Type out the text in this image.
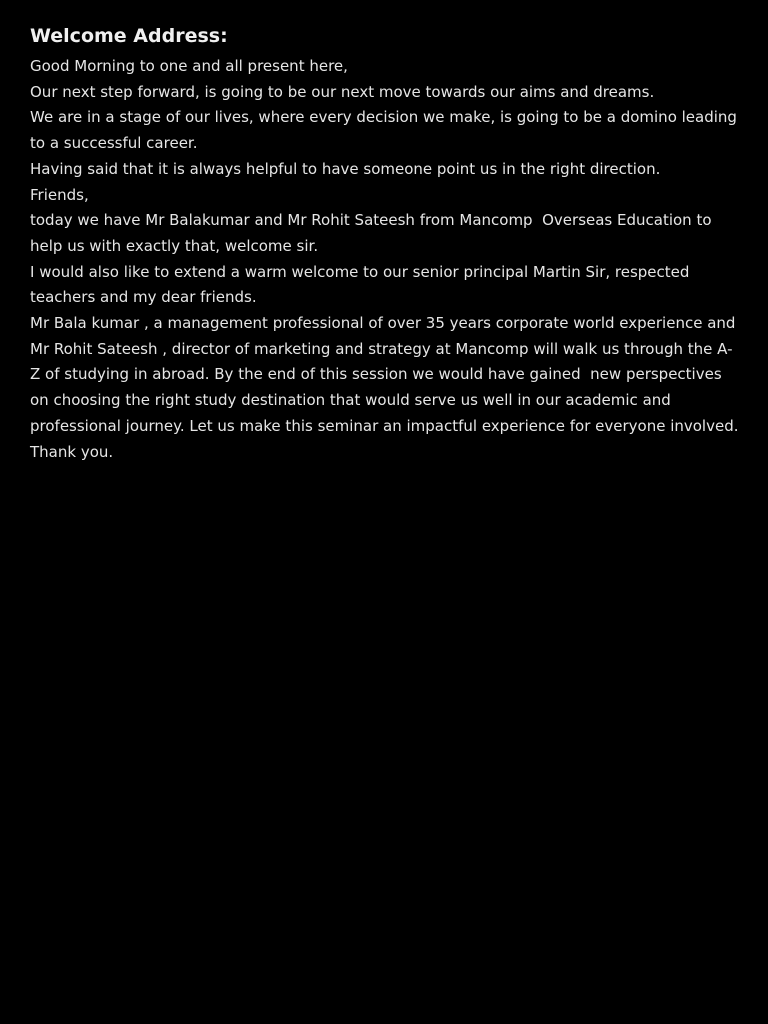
Welcome Address:

Good Morning to one and all present here,

Our next step forward, is going to be our next move towards our aims and dreams.

We are in a stage of our lives, where every decision we make, is going to be a domino leading to a successful career.

Having said that it is always helpful to have someone point us in the right direction.

Friends,

today we have Mr Balakumar and Mr Rohit Sateesh from Mancomp  Overseas Education to help us with exactly that, welcome sir.

I would also like to extend a warm welcome to our senior principal Martin Sir, respected teachers and my dear friends.

Mr Bala kumar , a management professional of over 35 years corporate world experience and Mr Rohit Sateesh , director of marketing and strategy at Mancomp will walk us through the A-Z of studying in abroad. By the end of this session we would have gained  new perspectives on choosing the right study destination that would serve us well in our academic and professional journey. Let us make this seminar an impactful experience for everyone involved. Thank you.
